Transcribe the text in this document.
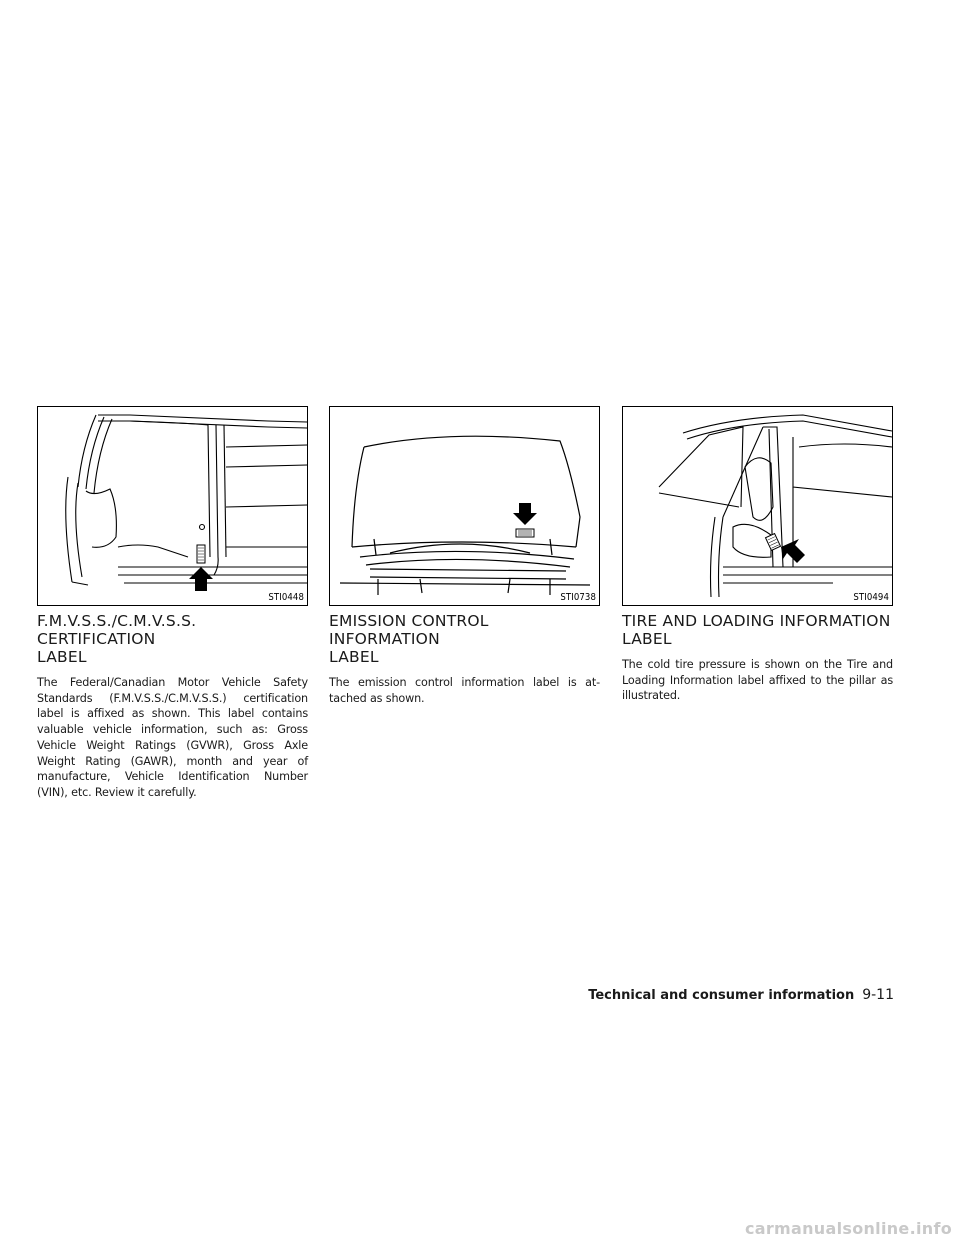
STI0448
F.M.V.S.S./C.M.V.S.S. CERTIFICATION
LABEL

The Federal/Canadian Motor Vehicle Safety Standards (F.M.V.S.S./C.M.V.S.S.) certification label is affixed as shown. This label contains valuable vehicle information, such as: Gross Vehicle Weight Ratings (GVWR), Gross Axle Weight Rating (GAWR), month and year of manufacture, Vehicle Identification Number (VIN), etc. Review it carefully.

STI0738
EMISSION CONTROL INFORMATION
LABEL

The emission control information label is at- tached as shown.

STI0494
TIRE AND LOADING INFORMATION
LABEL

The cold tire pressure is shown on the Tire and Loading Information label affixed to the pillar as illustrated.

Technical and consumer information 9-11
carmanualsonline.info
